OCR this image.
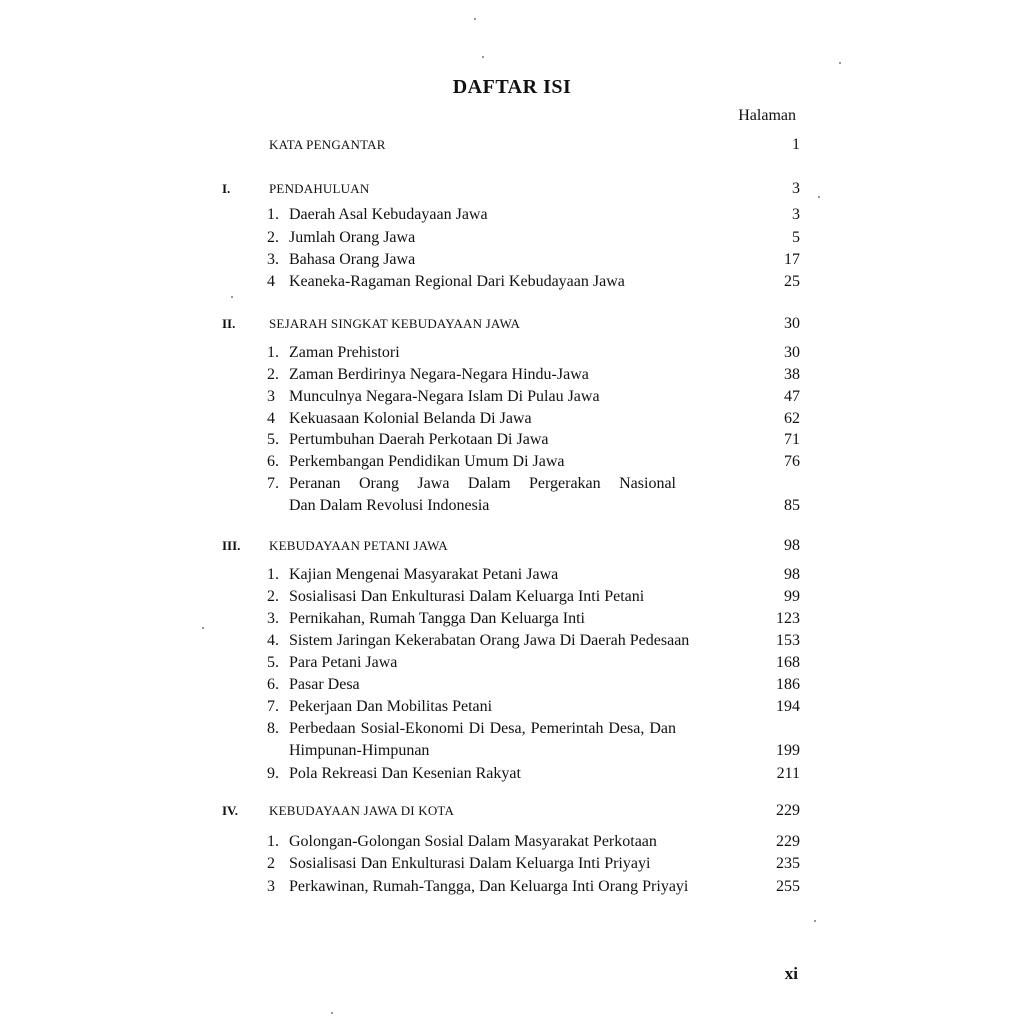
DAFTAR ISI
Halaman
KATA PENGANTAR	1
I.	PENDAHULUAN	3
1. Daerah Asal Kebudayaan Jawa	3
2. Jumlah Orang Jawa	5
3. Bahasa Orang Jawa	17
4 Keaneka-Ragaman Regional Dari Kebudayaan Jawa	25
II.	SEJARAH SINGKAT KEBUDAYAAN JAWA	30
1. Zaman Prehistori	30
2. Zaman Berdirinya Negara-Negara Hindu-Jawa	38
3 Munculnya Negara-Negara Islam Di Pulau Jawa	47
4 Kekuasaan Kolonial Belanda Di Jawa	62
5. Pertumbuhan Daerah Perkotaan Di Jawa	71
6. Perkembangan Pendidikan Umum Di Jawa	76
7. Peranan Orang Jawa Dalam Pergerakan Nasional
Dan Dalam Revolusi Indonesia	85
III. KEBUDAYAAN PETANI JAWA	98
1. Kajian Mengenai Masyarakat Petani Jawa	98
2. Sosialisasi Dan Enkulturasi Dalam Keluarga Inti Petani	99
3. Pernikahan, Rumah Tangga Dan Keluarga Inti	123
4. Sistem Jaringan Kekerabatan Orang Jawa Di Daerah Pedesaan	153
5. Para Petani Jawa	168
6. Pasar Desa	186
7. Pekerjaan Dan Mobilitas Petani	194
8. Perbedaan Sosial-Ekonomi Di Desa, Pemerintah Desa, Dan
Himpunan-Himpunan	199
9. Pola Rekreasi Dan Kesenian Rakyat	211
IV. KEBUDAYAAN JAWA DI KOTA	229
1. Golongan-Golongan Sosial Dalam Masyarakat Perkotaan	229
2 Sosialisasi Dan Enkulturasi Dalam Keluarga Inti Priyayi	235
3 Perkawinan, Rumah-Tangga, Dan Keluarga Inti Orang Priyayi	255
xi
